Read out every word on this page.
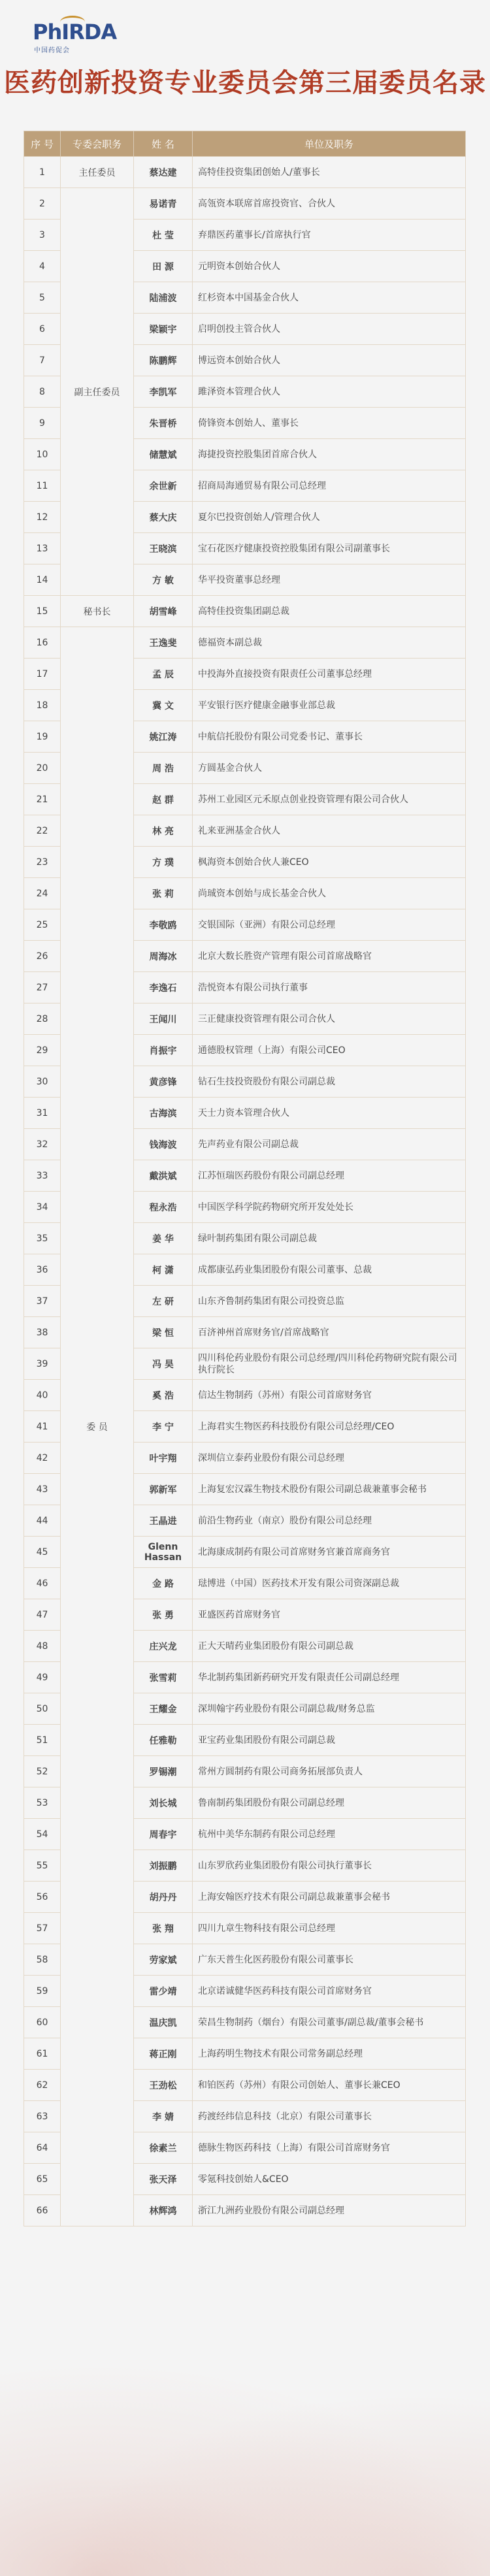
PhIRDA
中国药促会
医药创新投资专业委员会第三届委员名录
序 号	专委会职务	姓 名	单位及职务
1	主任委员	蔡达建	高特佳投资集团创始人/董事长
2	副主任委员	易诺青	高瓴资本联席首席投资官、合伙人
3		杜 莹	弃鼎医药董事长/首席执行官
4		田 源	元明资本创始合伙人
5		陆浦波	红杉资本中国基金合伙人
6		梁颖宇	启明创投主管合伙人
7		陈鹏辉	博远资本创始合伙人
8		李凯军	雎泽资本管理合伙人
9		朱晋桥	倚锋资本创始人、董事长
10		储慧斌	海捷投资控股集团首席合伙人
11		余世新	招商局海通贸易有限公司总经理
12		蔡大庆	夏尔巴投资创始人/管理合伙人
13		王晓滨	宝石花医疗健康投资控股集团有限公司副董事长
14		方 敏	华平投资董事总经理
15	秘书长	胡雪峰	高特佳投资集团副总裁
16	委 员	王逸斐	德福资本副总裁
17		孟 辰	中投海外直接投资有限责任公司董事总经理
18		冀 文	平安银行医疗健康金融事业部总裁
19		姚江涛	中航信托股份有限公司党委书记、董事长
20		周 浩	方圆基金合伙人
21		赵 群	苏州工业园区元禾原点创业投资管理有限公司合伙人
22		林 亮	礼来亚洲基金合伙人
23		方 璞	枫海资本创始合伙人兼CEO
24		张 莉	尚珹资本创始与成长基金合伙人
25		李敬鸥	交银国际（亚洲）有限公司总经理
26		周海冰	北京大数长胜资产管理有限公司首席战略官
27		李逸石	浩悦资本有限公司执行董事
28		王闻川	三正健康投资管理有限公司合伙人
29		肖振宇	通德股权管理（上海）有限公司CEO
30		黄彦锋	钻石生技投资股份有限公司副总裁
31		古海滨	天士力资本管理合伙人
32		钱海波	先声药业有限公司副总裁
33		戴洪斌	江苏恒瑞医药股份有限公司副总经理
34		程永浩	中国医学科学院药物研究所开发处处长
35		姜 华	绿叶制药集团有限公司副总裁
36		柯 潇	成都康弘药业集团股份有限公司董事、总裁
37		左 研	山东齐鲁制药集团有限公司投资总监
38		梁 恒	百济神州首席财务官/首席战略官
39		冯 昊	四川科伦药业股份有限公司总经理/四川科伦药物研究院有限公司执行院长
40		奚 浩	信达生物制药（苏州）有限公司首席财务官
41		李 宁	上海君实生物医药科技股份有限公司总经理/CEO
42		叶宇翔	深圳信立泰药业股份有限公司总经理
43		郭新军	上海复宏汉霖生物技术股份有限公司副总裁兼董事会秘书
44		王晶进	前沿生物药业（南京）股份有限公司总经理
45		Glenn Hassan	北海康成制药有限公司首席财务官兼首席商务官
46		金 路	琺博进（中国）医药技术开发有限公司资深副总裁
47		张 勇	亚盛医药首席财务官
48		庄兴龙	正大天晴药业集团股份有限公司副总裁
49		张雪莉	华北制药集团新药研究开发有限责任公司副总经理
50		王耀金	深圳翰宇药业股份有限公司副总裁/财务总监
51		任雅勒	亚宝药业集团股份有限公司副总裁
52		罗锡潮	常州方圆制药有限公司商务拓展部负责人
53		刘长城	鲁南制药集团股份有限公司副总经理
54		周春宇	杭州中美华东制药有限公司总经理
55		刘振鹏	山东罗欣药业集团股份有限公司执行董事长
56		胡丹丹	上海安翰医疗技术有限公司副总裁兼董事会秘书
57		张 翔	四川九章生物科技有限公司总经理
58		劳家斌	广东天普生化医药股份有限公司董事长
59		雷少靖	北京诺诚健华医药科技有限公司首席财务官
60		温庆凯	荣昌生物制药（烟台）有限公司董事/副总裁/董事会秘书
61		蒋正刚	上海药明生物技术有限公司常务副总经理
62		王劲松	和铂医药（苏州）有限公司创始人、董事长兼CEO
63		李 婧	药渡经纬信息科技（北京）有限公司董事长
64		徐素兰	德脉生物医药科技（上海）有限公司首席财务官
65		张天泽	零氪科技创始人&CEO
66		林辉鸿	浙江九洲药业股份有限公司副总经理
